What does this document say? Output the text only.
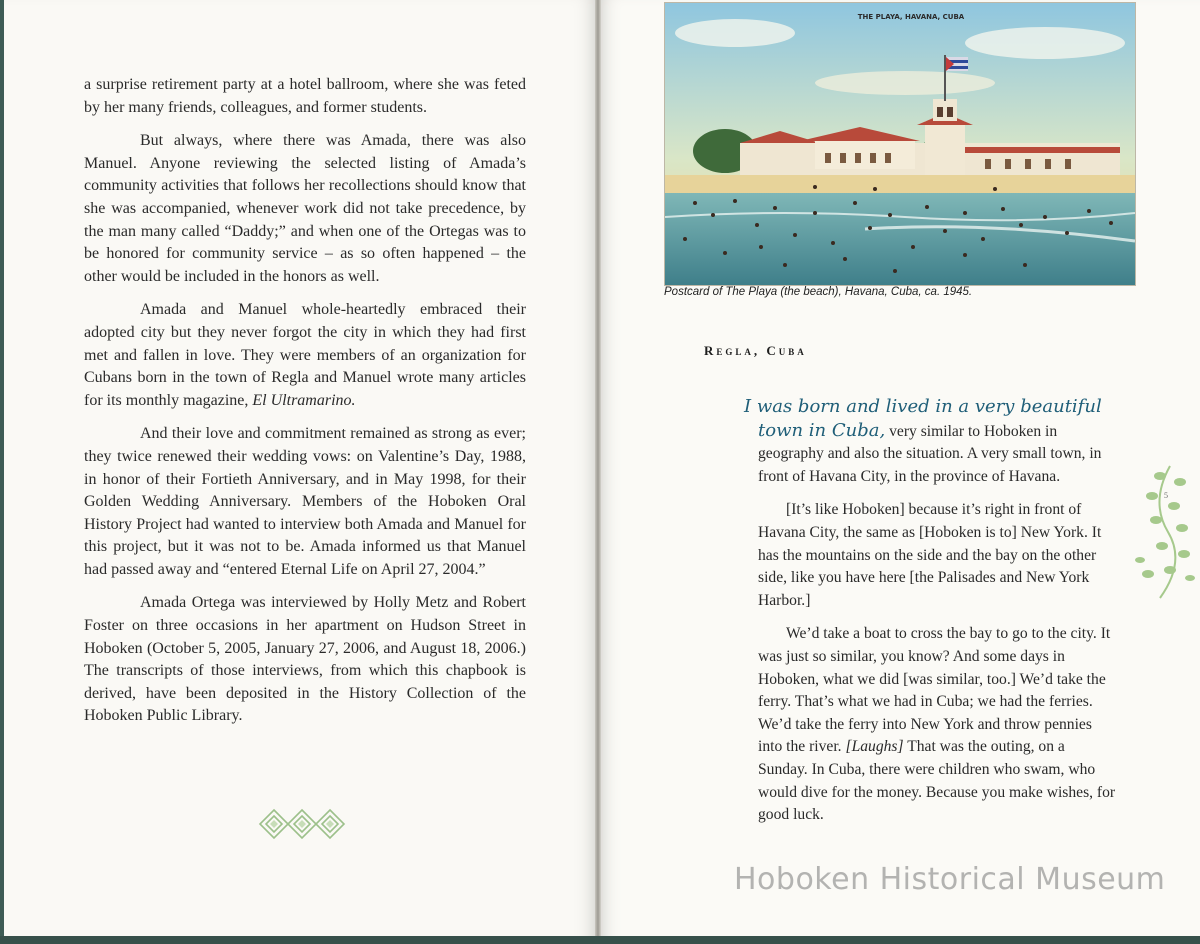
a surprise retirement party at a hotel ballroom, where she was feted by her many friends, colleagues, and former students.

But always, where there was Amada, there was also Manuel. Anyone reviewing the selected listing of Amada’s community activities that follows her recollections should know that she was accompanied, whenever work did not take precedence, by the man many called “Daddy;” and when one of the Ortegas was to be honored for community service – as so often happened – the other would be included in the honors as well.

Amada and Manuel whole-heartedly embraced their adopted city but they never forgot the city in which they had first met and fallen in love. They were members of an organization for Cubans born in the town of Regla and Manuel wrote many articles for its monthly magazine, El Ultramarino.

And their love and commitment remained as strong as ever; they twice renewed their wedding vows: on Valentine’s Day, 1988, in honor of their Fortieth Anniversary, and in May 1998, for their Golden Wedding Anniversary. Members of the Hoboken Oral History Project had wanted to interview both Amada and Manuel for this project, but it was not to be. Amada informed us that Manuel had passed away and “entered Eternal Life on April 27, 2004.”

Amada Ortega was interviewed by Holly Metz and Robert Foster on three occasions in her apartment on Hudson Street in Hoboken (October 5, 2005, January 27, 2006, and August 18, 2006.) The transcripts of those interviews, from which this chapbook is derived, have been deposited in the History Collection of the Hoboken Public Library.

THE PLAYA, HAVANA, CUBA
Postcard of The Playa (the beach), Havana, Cuba, ca. 1945.
Regla, Cuba

I was born and lived in a very beautiful town in Cuba, very similar to Hoboken in geography and also the situation. A very small town, in front of Havana City, in the province of Havana.

[It’s like Hoboken] because it’s right in front of Havana City, the same as [Hoboken is to] New York. It has the mountains on the side and the bay on the other side, like you have here [the Palisades and New York Harbor.]

We’d take a boat to cross the bay to go to the city. It was just so similar, you know? And some days in Hoboken, what we did [was similar, too.] We’d take the ferry. That’s what we had in Cuba; we had the ferries. We’d take the ferry into New York and throw pennies into the river. [Laughs] That was the outing, on a Sunday. In Cuba, there were children who swam, who would dive for the money. Because you make wishes, for good luck.

5
Hoboken Historical Museum
